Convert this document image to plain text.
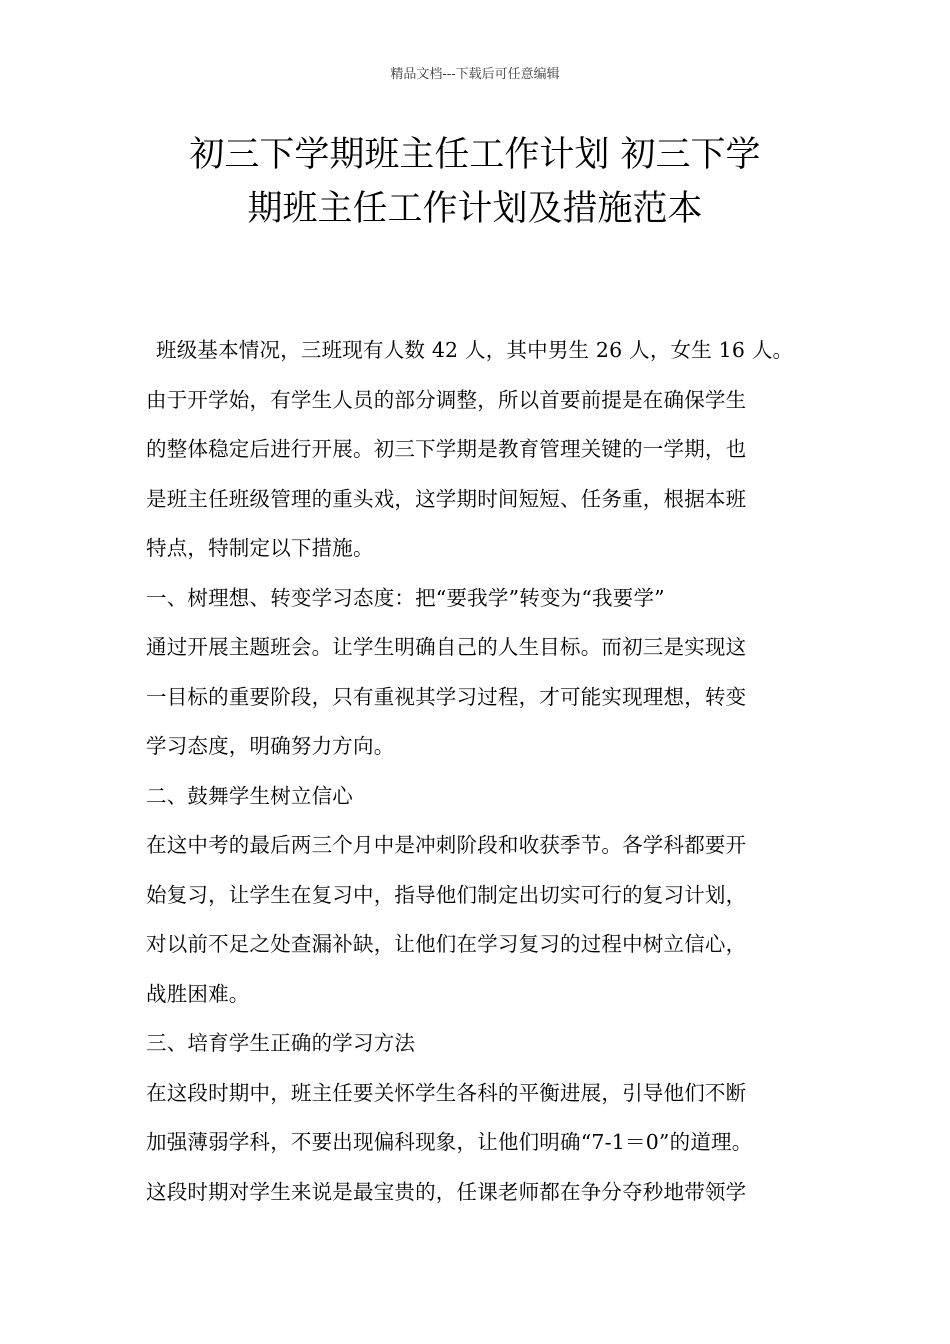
精品文档---下载后可任意编辑
初三下学期班主任工作计划 初三下学
期班主任工作计划及措施范本
班级基本情况，三班现有人数 42 人，其中男生 26 人，女生 16 人。
由于开学始，有学生人员的部分调整，所以首要前提是在确保学生
的整体稳定后进行开展。初三下学期是教育管理关键的一学期，也
是班主任班级管理的重头戏，这学期时间短短、任务重，根据本班
特点，特制定以下措施。
一、树理想、转变学习态度：把“要我学”转变为“我要学”
通过开展主题班会。让学生明确自己的人生目标。而初三是实现这
一目标的重要阶段，只有重视其学习过程，才可能实现理想，转变
学习态度，明确努力方向。
二、鼓舞学生树立信心
在这中考的最后两三个月中是冲刺阶段和收获季节。各学科都要开
始复习，让学生在复习中，指导他们制定出切实可行的复习计划，
对以前不足之处查漏补缺，让他们在学习复习的过程中树立信心，
战胜困难。
三、培育学生正确的学习方法
在这段时期中，班主任要关怀学生各科的平衡进展，引导他们不断
加强薄弱学科，不要出现偏科现象，让他们明确“7-1＝0”的道理。
这段时期对学生来说是最宝贵的，任课老师都在争分夺秒地带领学
